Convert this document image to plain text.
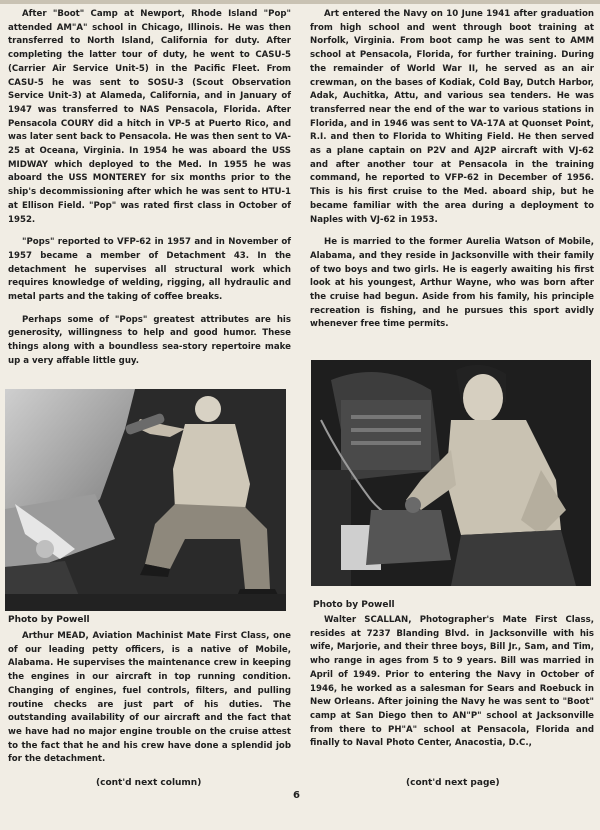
After "Boot" Camp at Newport, Rhode Island "Pop" attended AM"A" school in Chicago, Illinois. He was then transferred to North Island, California for duty. After completing the latter tour of duty, he went to CASU-5 (Carrier Air Service Unit-5) in the Pacific Fleet. From CASU-5 he was sent to SOSU-3 (Scout Observation Service Unit-3) at Alameda, California, and in January of 1947 was transferred to NAS Pensacola, Florida. After Pensacola COURY did a hitch in VP-5 at Puerto Rico, and was later sent back to Pensacola. He was then sent to VA-25 at Oceana, Virginia. In 1954 he was aboard the USS MIDWAY which deployed to the Med. In 1955 he was aboard the USS MONTEREY for six months prior to the ship's decommissioning after which he was sent to HTU-1 at Ellison Field. "Pop" was rated first class in October of 1952.

"Pops" reported to VFP-62 in 1957 and in November of 1957 became a member of Detachment 43. In the detachment he supervises all structural work which requires knowledge of welding, rigging, all hydraulic and metal parts and the taking of coffee breaks.

Perhaps some of "Pops" greatest attributes are his generosity, willingness to help and good humor. These things along with a boundless sea-story repertoire make up a very affable little guy.

Photo by Powell

Arthur MEAD, Aviation Machinist Mate First Class, one of our leading petty officers, is a native of Mobile, Alabama. He supervises the maintenance crew in keeping the engines in our aircraft in top running condition. Changing of engines, fuel controls, filters, and pulling routine checks are just part of his duties. The outstanding availability of our aircraft and the fact that we have had no major engine trouble on the cruise attest to the fact that he and his crew have done a splendid job for the detachment.

(cont'd next column)

Art entered the Navy on 10 June 1941 after graduation from high school and went through boot training at Norfolk, Virginia. From boot camp he was sent to AMM school at Pensacola, Florida, for further training. During the remainder of World War II, he served as an air crewman, on the bases of Kodiak, Cold Bay, Dutch Harbor, Adak, Auchitka, Attu, and various sea tenders. He was transferred near the end of the war to various stations in Florida, and in 1946 was sent to VA-17A at Quonset Point, R.I. and then to Florida to Whiting Field. He then served as a plane captain on P2V and AJ2P aircraft with VJ-62 and after another tour at Pensacola in the training command, he reported to VFP-62 in December of 1956. This is his first cruise to the Med. aboard ship, but he became familiar with the area during a deployment to Naples with VJ-62 in 1953.

He is married to the former Aurelia Watson of Mobile, Alabama, and they reside in Jacksonville with their family of two boys and two girls. He is eagerly awaiting his first look at his youngest, Arthur Wayne, who was born after the cruise had begun. Aside from his family, his principle recreation is fishing, and he pursues this sport avidly whenever free time permits.

Photo by Powell

Walter SCALLAN, Photographer's Mate First Class, resides at 7237 Blanding Blvd. in Jacksonville with his wife, Marjorie, and their three boys, Bill Jr., Sam, and Tim, who range in ages from 5 to 9 years. Bill was married in April of 1949. Prior to entering the Navy in October of 1946, he worked as a salesman for Sears and Roebuck in New Orleans. After joining the Navy he was sent to "Boot" camp at San Diego then to AN"P" school at Jacksonville from there to PH"A" school at Pensacola, Florida and finally to Naval Photo Center, Anacostia, D.C.,

(cont'd next page)
6
